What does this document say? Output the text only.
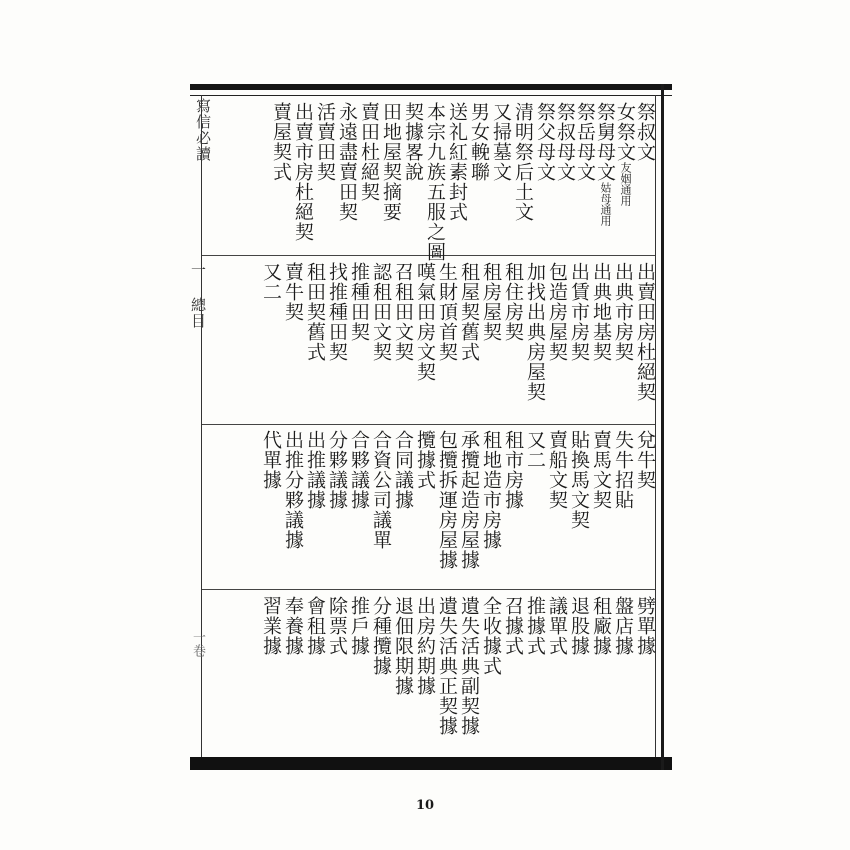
寫信必讀
一 總目
一卷
祭叔文
女祭文友姻通用
祭舅母文姑母通用
祭岳母文
祭叔母文
祭父母文
清明祭后土文
又掃墓文
男女輓聯
送礼紅素封式
本宗九族五服之圖
契據畧說
田地屋契摘要
賣田杜絕契
永遠盡賣田契
活賣田契
出賣市房杜絕契
賣屋契式
出賣田房杜絕契
出典市房契
出典地基契
出賃市房契
包造房屋契
加找出典房屋契
租住房契
租房屋契
租屋契舊式
生財頂首契
嘆氣田房文契
召租田文契
認租田文契
推種田契
找推種田契
租田契舊式
賣牛契
又二
兌牛契
失牛招貼
賣馬文契
貼換馬文契
賣船文契
又二
租市房據
租地造市房據
承攬起造房屋據
包攬拆運房屋據
攬據式
合同議據
合資公司議單
合夥議據
分夥議據
出推議據
出推分夥議據
代單據
劈單據
盤店據
租廠據
退股據
議單式
推據式
召據式
全收據式
遺失活典副契據
遺失活典正契據
出房約期據
退佃限期據
分種攬據
推戶據
除票式
會租據
奉養據
習業據
10
